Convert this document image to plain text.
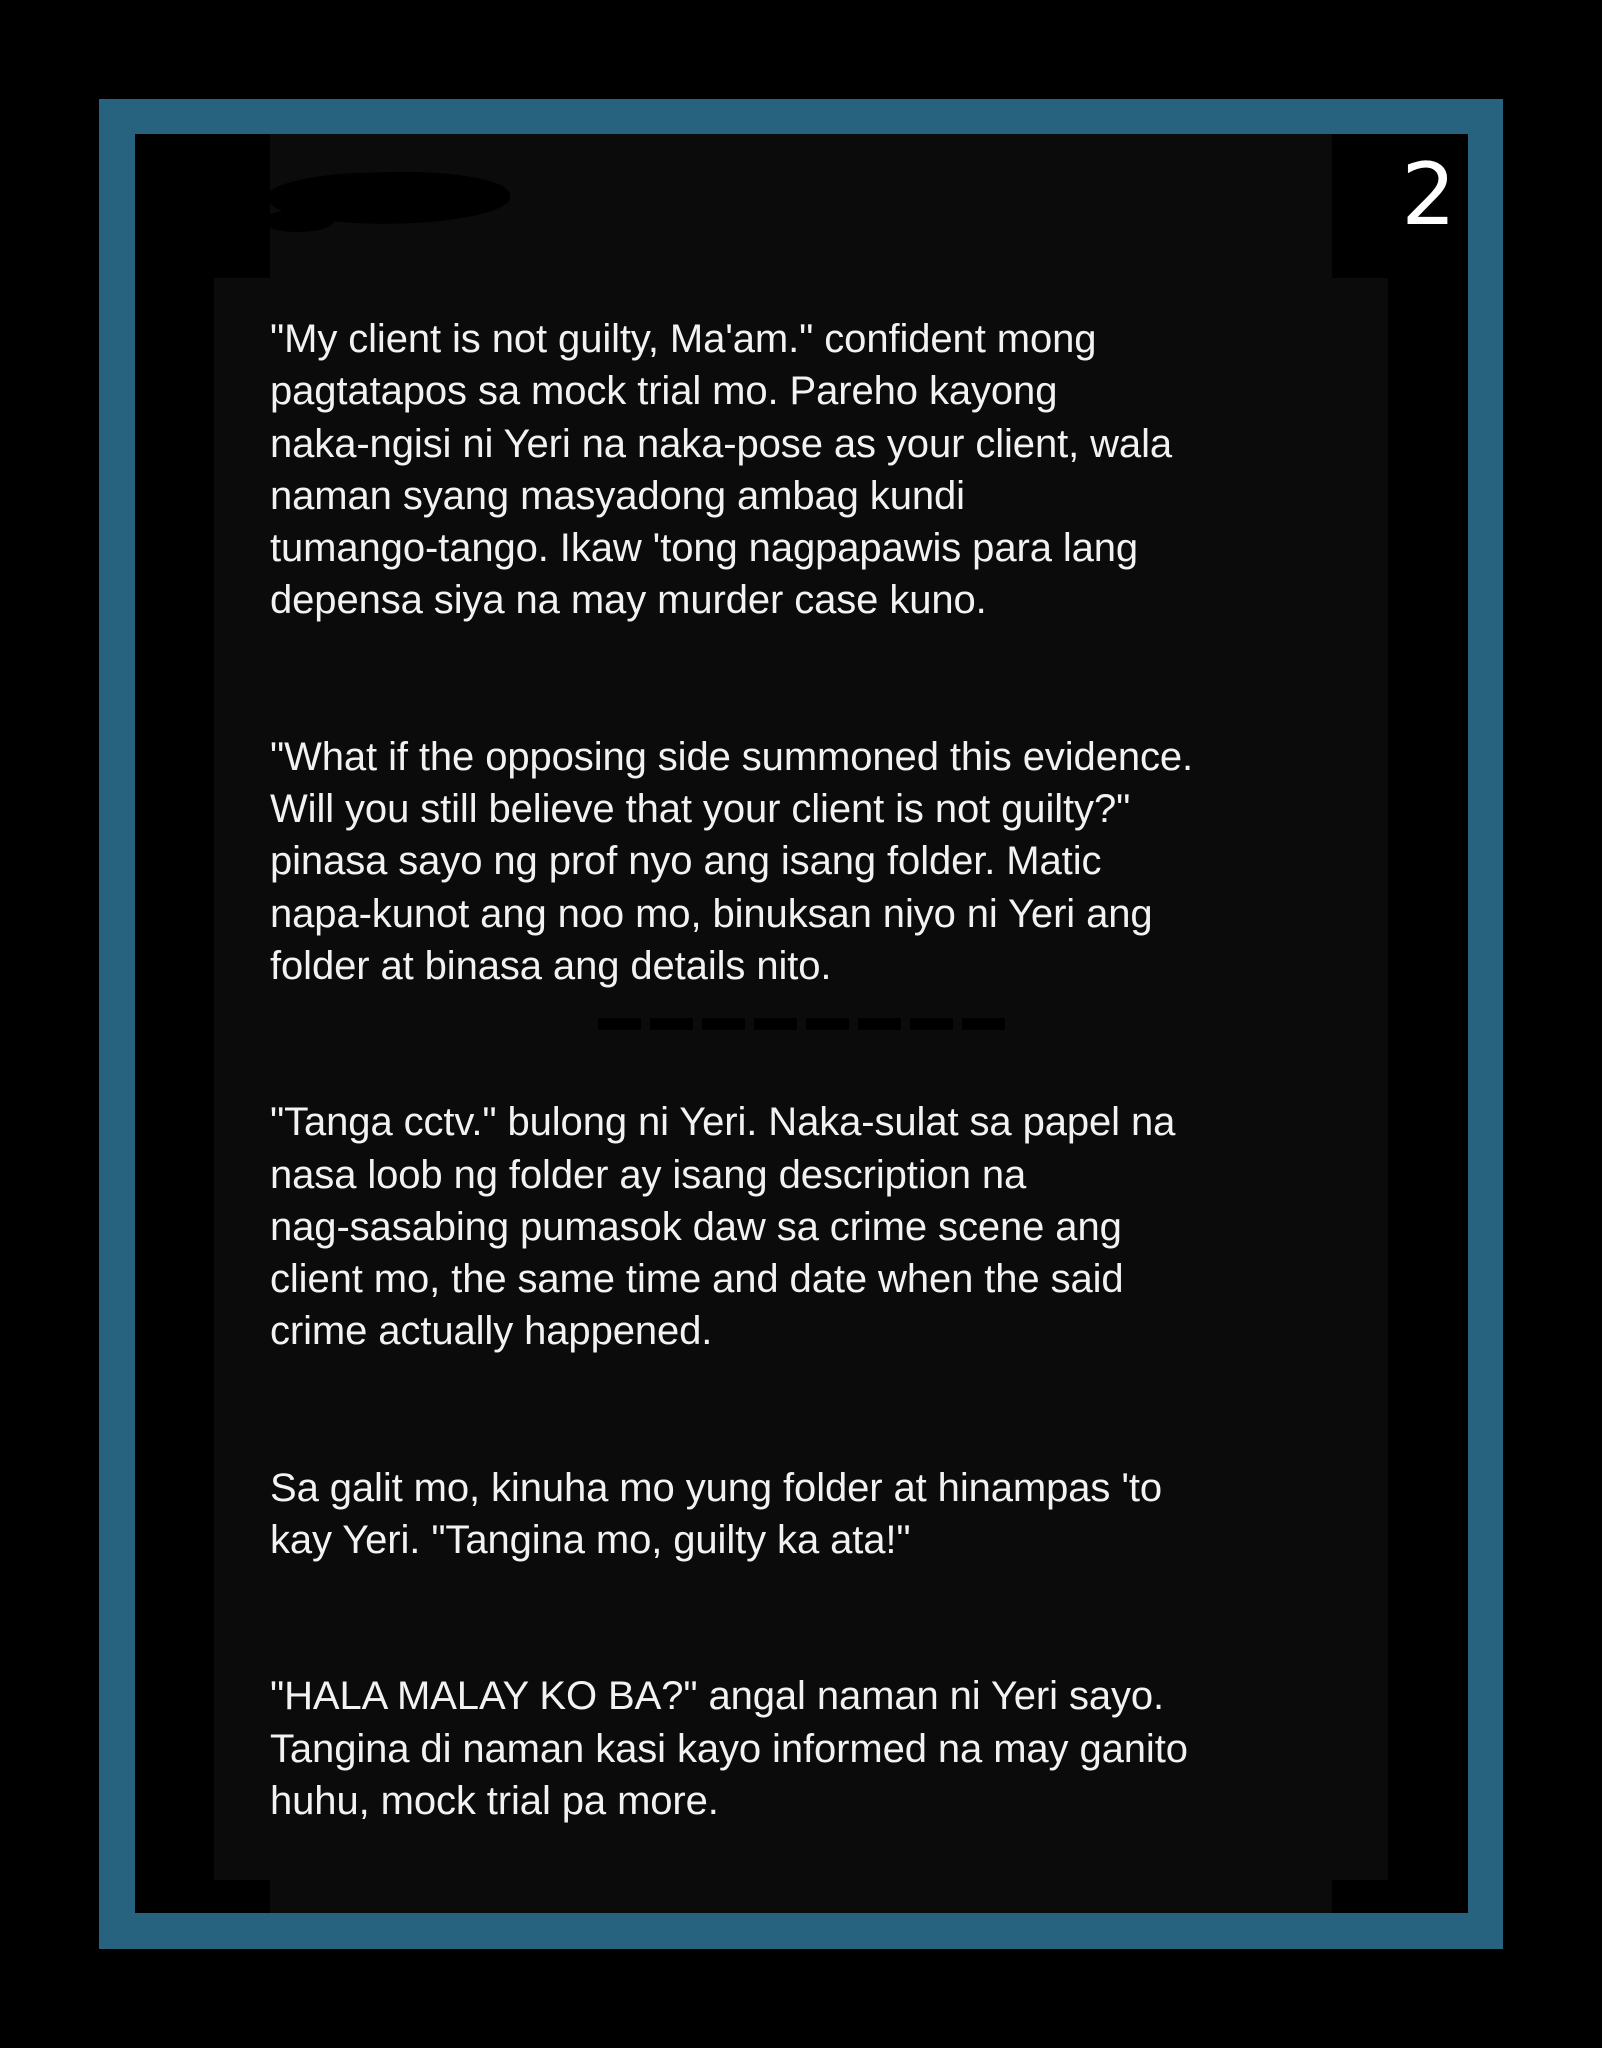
2

"My client is not guilty, Ma'am." confident mong
pagtatapos sa mock trial mo. Pareho kayong
naka-ngisi ni Yeri na naka-pose as your client, wala
naman syang masyadong ambag kundi
tumango-tango. Ikaw 'tong nagpapawis para lang
depensa siya na may murder case kuno.

"What if the opposing side summoned this evidence.
Will you still believe that your client is not guilty?"
pinasa sayo ng prof nyo ang isang folder. Matic
napa-kunot ang noo mo, binuksan niyo ni Yeri ang
folder at binasa ang details nito.

"Tanga cctv." bulong ni Yeri. Naka-sulat sa papel na
nasa loob ng folder ay isang description na
nag-sasabing pumasok daw sa crime scene ang
client mo, the same time and date when the said
crime actually happened.

Sa galit mo, kinuha mo yung folder at hinampas 'to
kay Yeri. "Tangina mo, guilty ka ata!"

"HALA MALAY KO BA?" angal naman ni Yeri sayo.
Tangina di naman kasi kayo informed na may ganito
huhu, mock trial pa more.
